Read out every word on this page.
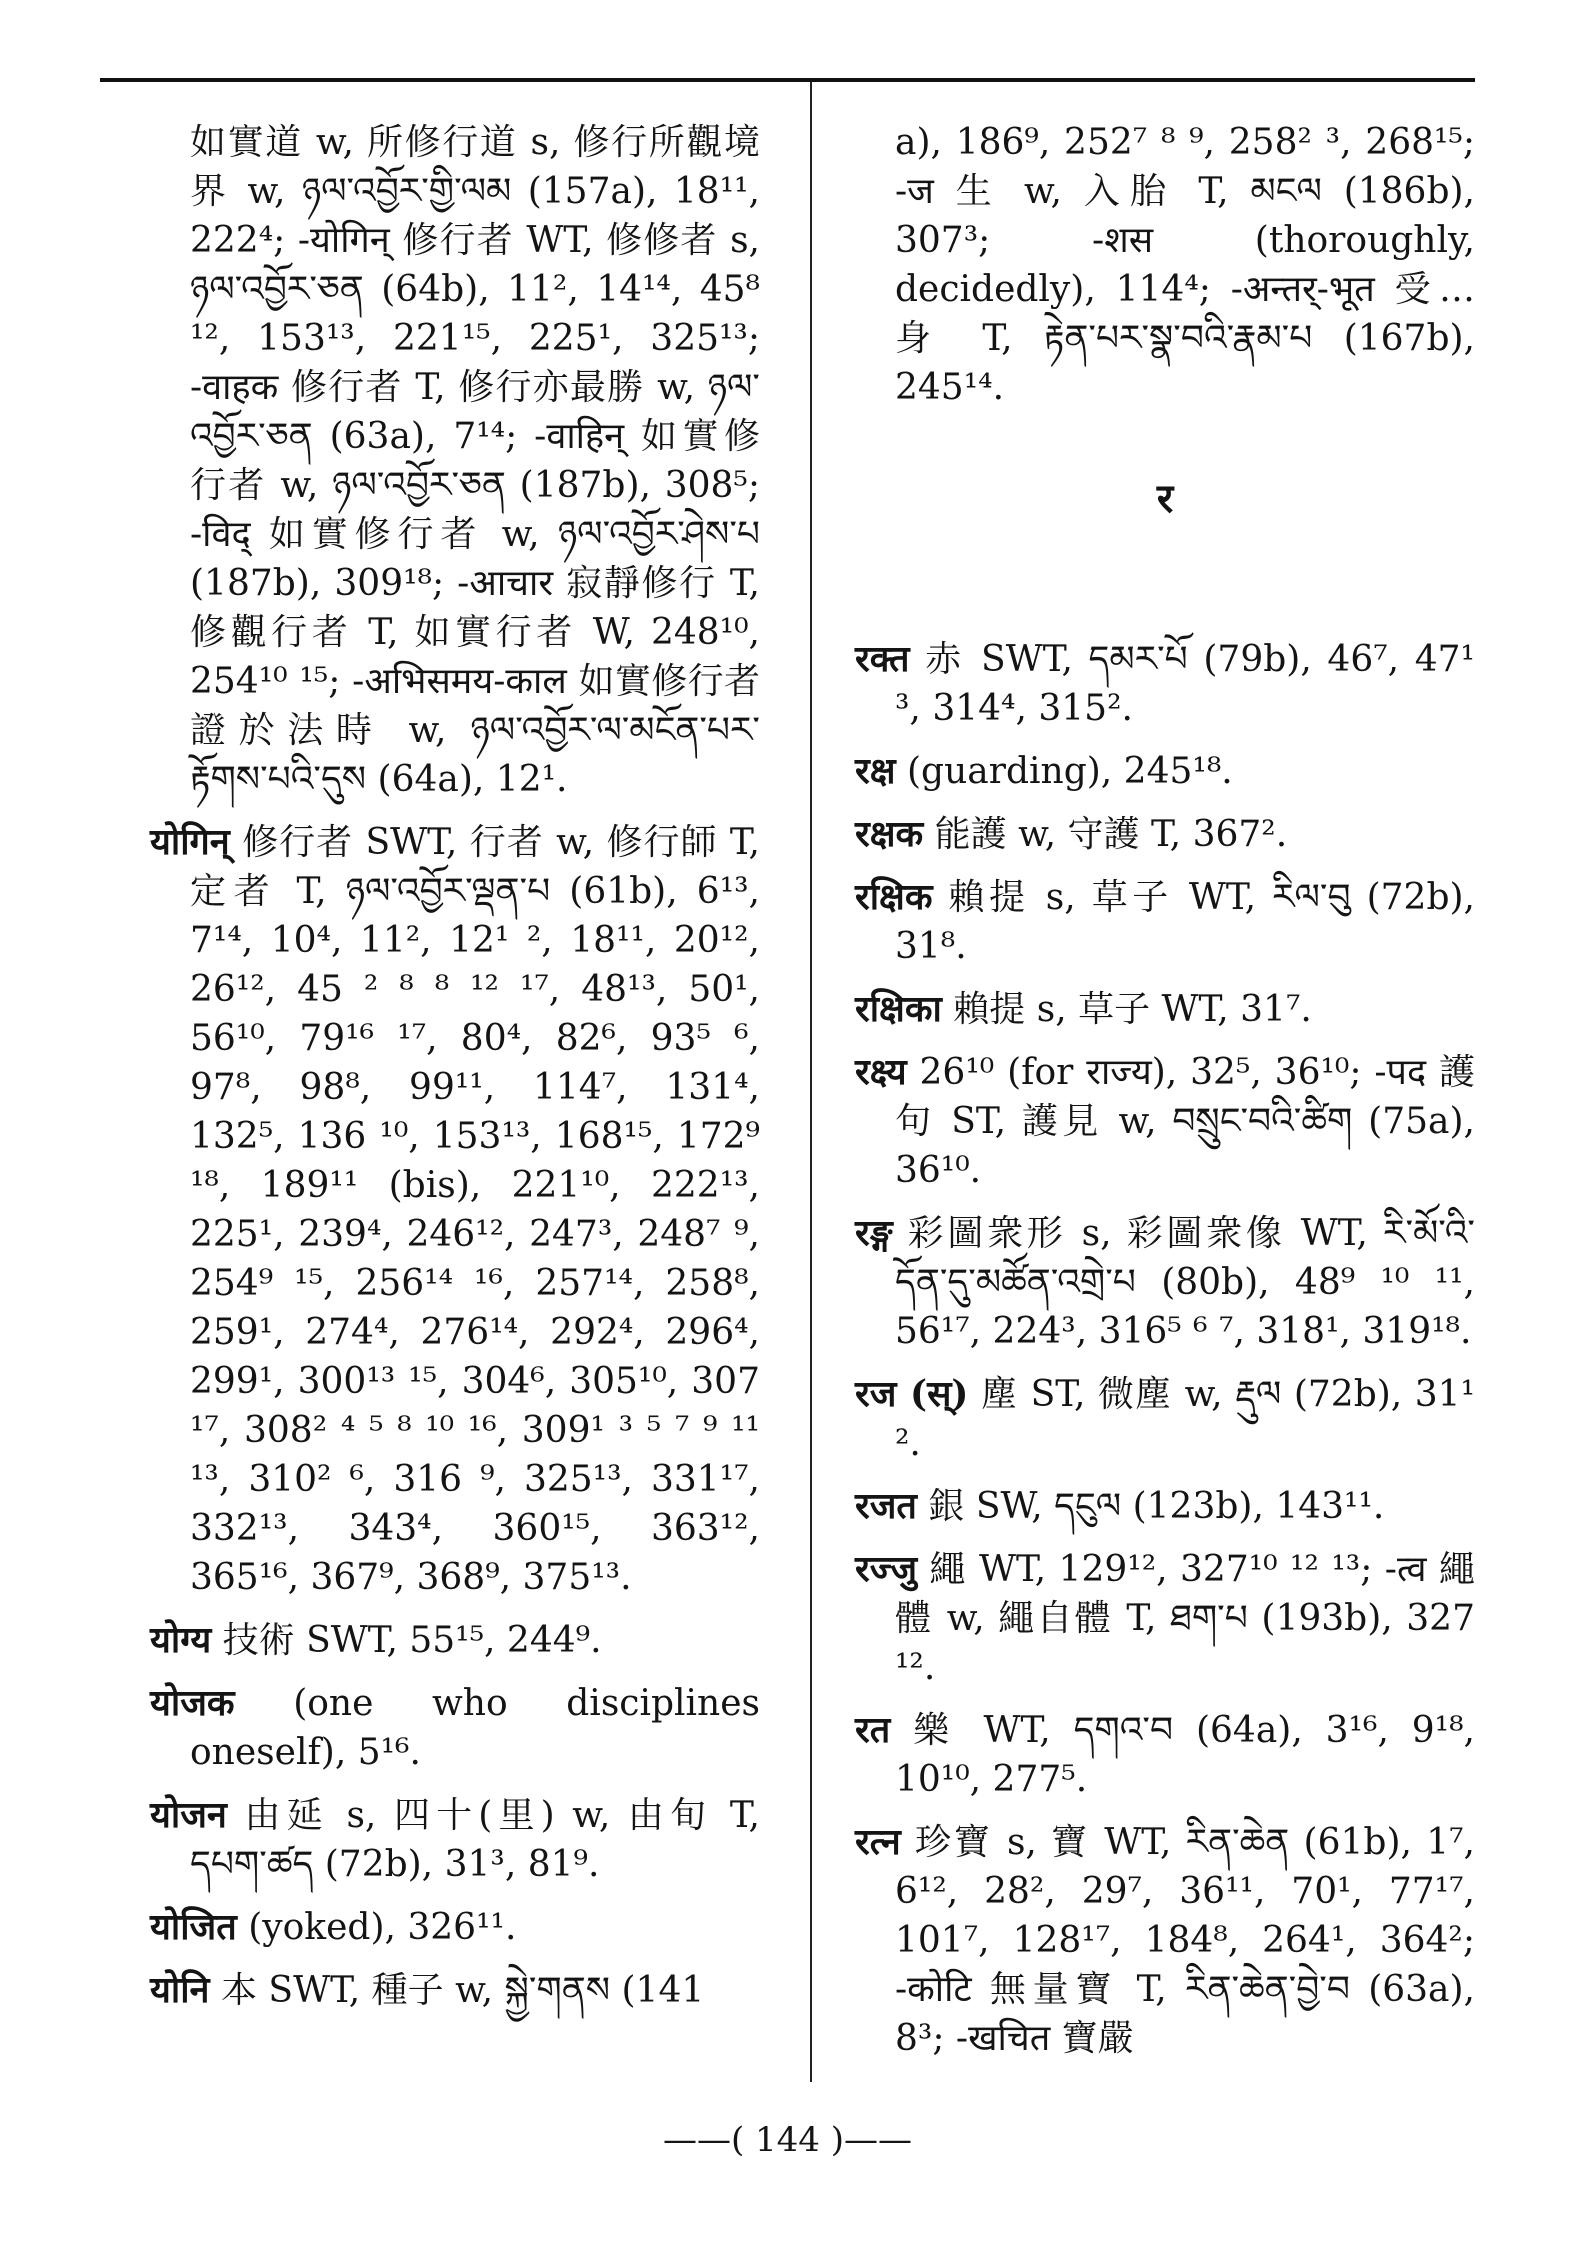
如實道 w, 所修行道 s, 修行所觀境界 w, ཉལ་འབྱོར་གྱི་ལམ (157a), 18¹¹, 222⁴; -योगिन् 修行者 WT, 修修者 s, ཉལ་འབྱོར་ཅན (64b), 11², 14¹⁴, 45⁸ ¹², 153¹³, 221¹⁵, 225¹, 325¹³; -वाहक 修行者 T, 修行亦最勝 w, ཉལ་འབྱོར་ཅན (63a), 7¹⁴; -वाहिन् 如實修行者 w, ཉལ་འབྱོར་ཅན (187b), 308⁵; -विद् 如實修行者 w, ཉལ་འབྱོར་ཤེས་པ (187b), 309¹⁸; -आचार 寂靜修行 T, 修觀行者 T, 如實行者 W, 248¹⁰, 254¹⁰ ¹⁵; -अभिसमय-काल 如實修行者證於法時 w, ཉལ་འབྱོར་ལ་མངོན་པར་རྟོགས་པའི་དུས (64a), 12¹.
योगिन् 修行者 SWT, 行者 w, 修行師 T, 定者 T, ཉལ་འབྱོར་ལྡན་པ (61b), 6¹³, 7¹⁴, 10⁴, 11², 12¹ ², 18¹¹, 20¹², 26¹², 45 ² ⁸ ⁸ ¹² ¹⁷, 48¹³, 50¹, 56¹⁰, 79¹⁶ ¹⁷, 80⁴, 82⁶, 93⁵ ⁶, 97⁸, 98⁸, 99¹¹, 114⁷, 131⁴, 132⁵, 136 ¹⁰, 153¹³, 168¹⁵, 172⁹ ¹⁸, 189¹¹ (bis), 221¹⁰, 222¹³, 225¹, 239⁴, 246¹², 247³, 248⁷ ⁹, 254⁹ ¹⁵, 256¹⁴ ¹⁶, 257¹⁴, 258⁸, 259¹, 274⁴, 276¹⁴, 292⁴, 296⁴, 299¹, 300¹³ ¹⁵, 304⁶, 305¹⁰, 307 ¹⁷, 308² ⁴ ⁵ ⁸ ¹⁰ ¹⁶, 309¹ ³ ⁵ ⁷ ⁹ ¹¹ ¹³, 310² ⁶, 316 ⁹, 325¹³, 331¹⁷, 332¹³, 343⁴, 360¹⁵, 363¹², 365¹⁶, 367⁹, 368⁹, 375¹³.
योग्य 技術 SWT, 55¹⁵, 244⁹.
योजक (one who disciplines oneself), 5¹⁶.
योजन 由延 s, 四十(里) w, 由旬 T, དཔག་ཚད (72b), 31³, 81⁹.
योजित (yoked), 326¹¹.
योनि 本 SWT, 種子 w, སྐྱེ་གནས (141
a), 186⁹, 252⁷ ⁸ ⁹, 258² ³, 268¹⁵; -ज 生 w, 入胎 T, མངལ (186b), 307³; -शस (thoroughly, decidedly), 114⁴; -अन्तर्-भूत 受…身 T, རྟེན་པར་སྣ་བའི་རྣམ་པ (167b), 245¹⁴.
र
रक्त 赤 SWT, དམར་པོ (79b), 46⁷, 47¹ ³, 314⁴, 315².
रक्ष (guarding), 245¹⁸.
रक्षक 能護 w, 守護 T, 367².
रक्षिक 賴提 s, 草子 WT, རིལ་བུ (72b), 31⁸.
रक्षिका 賴提 s, 草子 WT, 31⁷.
रक्ष्य 26¹⁰ (for राज्य), 32⁵, 36¹⁰; -पद 護句 ST, 護見 w, བསྲུང་བའི་ཚིག (75a), 36¹⁰.
रङ्ग 彩圖衆形 s, 彩圖衆像 WT, རི་མོ་འི་དོན་དུ་མཚོན་འགྲེ་པ (80b), 48⁹ ¹⁰ ¹¹, 56¹⁷, 224³, 316⁵ ⁶ ⁷, 318¹, 319¹⁸.
रज (स्) 塵 ST, 微塵 w, རྡུལ (72b), 31¹ ².
रजत 銀 SW, དངུལ (123b), 143¹¹.
रज्जु 繩 WT, 129¹², 327¹⁰ ¹² ¹³; -त्व 繩體 w, 繩自體 T, ཐག་པ (193b), 327 ¹².
रत 樂 WT, དགའ་བ (64a), 3¹⁶, 9¹⁸, 10¹⁰, 277⁵.
रत्न 珍寶 s, 寶 WT, རིན་ཆེན (61b), 1⁷, 6¹², 28², 29⁷, 36¹¹, 70¹, 77¹⁷, 101⁷, 128¹⁷, 184⁸, 264¹, 364²; -कोटि 無量寶 T, རིན་ཆེན་བྱེ་བ (63a), 8³; -खचित 寶嚴
——( 144 )——
